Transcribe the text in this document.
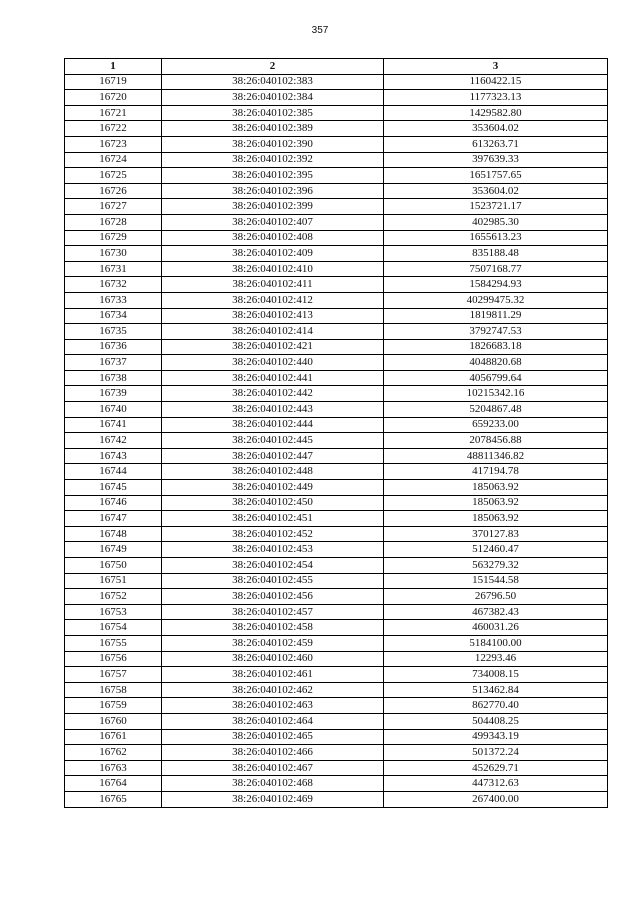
357
1	2	3
16719	38:26:040102:383	1160422.15
16720	38:26:040102:384	1177323.13
16721	38:26:040102:385	1429582.80
16722	38:26:040102:389	353604.02
16723	38:26:040102:390	613263.71
16724	38:26:040102:392	397639.33
16725	38:26:040102:395	1651757.65
16726	38:26:040102:396	353604.02
16727	38:26:040102:399	1523721.17
16728	38:26:040102:407	402985.30
16729	38:26:040102:408	1655613.23
16730	38:26:040102:409	835188.48
16731	38:26:040102:410	7507168.77
16732	38:26:040102:411	1584294.93
16733	38:26:040102:412	40299475.32
16734	38:26:040102:413	1819811.29
16735	38:26:040102:414	3792747.53
16736	38:26:040102:421	1826683.18
16737	38:26:040102:440	4048820.68
16738	38:26:040102:441	4056799.64
16739	38:26:040102:442	10215342.16
16740	38:26:040102:443	5204867.48
16741	38:26:040102:444	659233.00
16742	38:26:040102:445	2078456.88
16743	38:26:040102:447	48811346.82
16744	38:26:040102:448	417194.78
16745	38:26:040102:449	185063.92
16746	38:26:040102:450	185063.92
16747	38:26:040102:451	185063.92
16748	38:26:040102:452	370127.83
16749	38:26:040102:453	512460.47
16750	38:26:040102:454	563279.32
16751	38:26:040102:455	151544.58
16752	38:26:040102:456	26796.50
16753	38:26:040102:457	467382.43
16754	38:26:040102:458	460031.26
16755	38:26:040102:459	5184100.00
16756	38:26:040102:460	12293.46
16757	38:26:040102:461	734008.15
16758	38:26:040102:462	513462.84
16759	38:26:040102:463	862770.40
16760	38:26:040102:464	504408.25
16761	38:26:040102:465	499343.19
16762	38:26:040102:466	501372.24
16763	38:26:040102:467	452629.71
16764	38:26:040102:468	447312.63
16765	38:26:040102:469	267400.00
